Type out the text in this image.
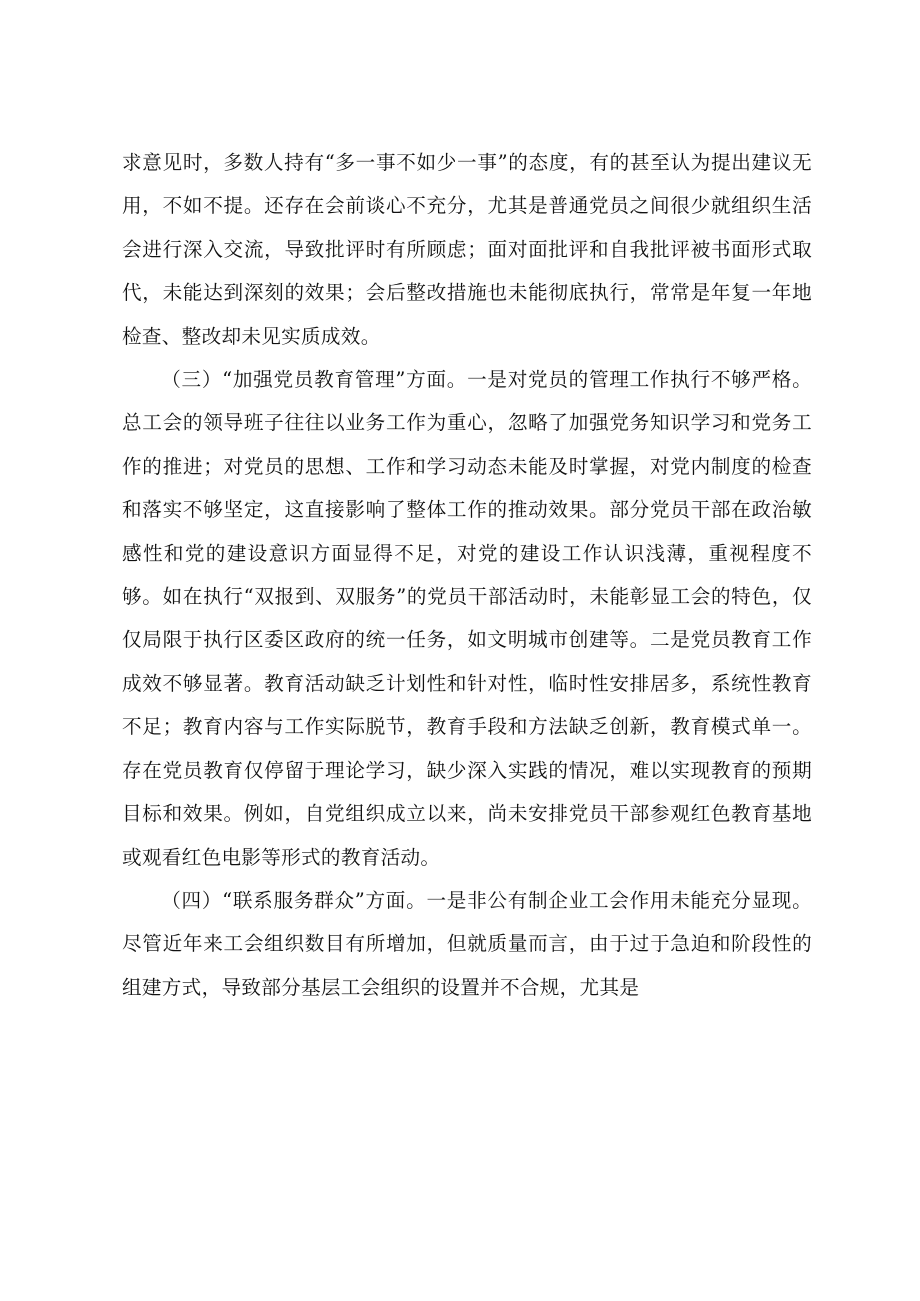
求意见时，多数人持有“多一事不如少一事”的态度，有的甚至认为提出建议无用，不如不提。还存在会前谈心不充分，尤其是普通党员之间很少就组织生活会进行深入交流，导致批评时有所顾虑；面对面批评和自我批评被书面形式取代，未能达到深刻的效果；会后整改措施也未能彻底执行，常常是年复一年地检查、整改却未见实质成效。

（三）“加强党员教育管理”方面。一是对党员的管理工作执行不够严格。总工会的领导班子往往以业务工作为重心，忽略了加强党务知识学习和党务工作的推进；对党员的思想、工作和学习动态未能及时掌握，对党内制度的检查和落实不够坚定，这直接影响了整体工作的推动效果。部分党员干部在政治敏感性和党的建设意识方面显得不足，对党的建设工作认识浅薄，重视程度不够。如在执行“双报到、双服务”的党员干部活动时，未能彰显工会的特色，仅仅局限于执行区委区政府的统一任务，如文明城市创建等。二是党员教育工作成效不够显著。教育活动缺乏计划性和针对性，临时性安排居多，系统性教育不足；教育内容与工作实际脱节，教育手段和方法缺乏创新，教育模式单一。存在党员教育仅停留于理论学习，缺少深入实践的情况，难以实现教育的预期目标和效果。例如，自党组织成立以来，尚未安排党员干部参观红色教育基地或观看红色电影等形式的教育活动。

（四）“联系服务群众”方面。一是非公有制企业工会作用未能充分显现。尽管近年来工会组织数目有所增加，但就质量而言，由于过于急迫和阶段性的组建方式，导致部分基层工会组织的设置并不合规，尤其是
